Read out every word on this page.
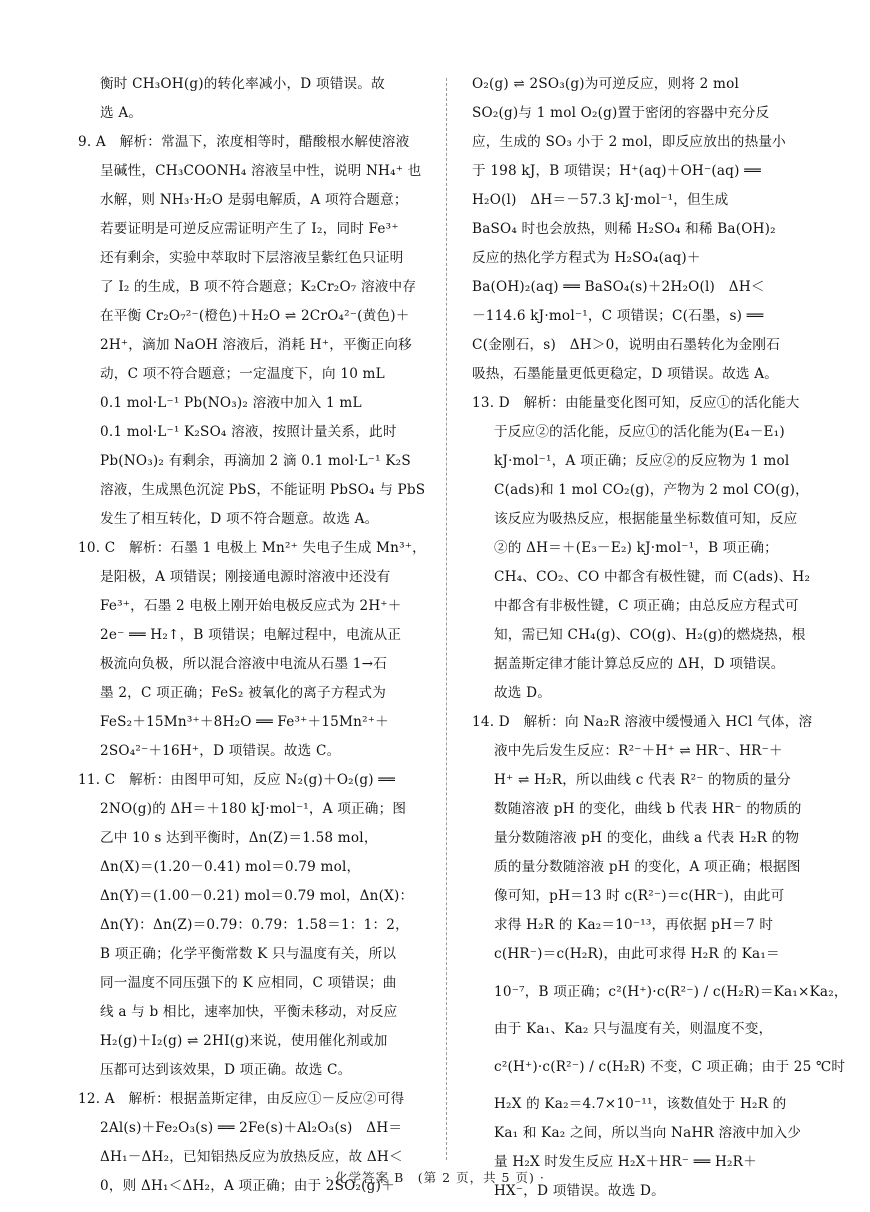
衡时 CH₃OH(g)的转化率减小，D 项错误。故
选 A。
9. A　解析：常温下，浓度相等时，醋酸根水解使溶液
呈碱性，CH₃COONH₄ 溶液呈中性，说明 NH₄⁺ 也
水解，则 NH₃·H₂O 是弱电解质，A 项符合题意；
若要证明是可逆反应需证明产生了 I₂，同时 Fe³⁺
还有剩余，实验中萃取时下层溶液呈紫红色只证明
了 I₂ 的生成，B 项不符合题意；K₂Cr₂O₇ 溶液中存
在平衡 Cr₂O₇²⁻(橙色)＋H₂O ⇌ 2CrO₄²⁻(黄色)＋
2H⁺，滴加 NaOH 溶液后，消耗 H⁺，平衡正向移
动，C 项不符合题意；一定温度下，向 10 mL
0.1 mol·L⁻¹ Pb(NO₃)₂ 溶液中加入 1 mL
0.1 mol·L⁻¹ K₂SO₄ 溶液，按照计量关系，此时
Pb(NO₃)₂ 有剩余，再滴加 2 滴 0.1 mol·L⁻¹ K₂S
溶液，生成黑色沉淀 PbS，不能证明 PbSO₄ 与 PbS
发生了相互转化，D 项不符合题意。故选 A。
10. C　解析：石墨 1 电极上 Mn²⁺ 失电子生成 Mn³⁺，
是阳极，A 项错误；刚接通电源时溶液中还没有
Fe³⁺，石墨 2 电极上刚开始电极反应式为 2H⁺＋
2e⁻ ══ H₂↑，B 项错误；电解过程中，电流从正
极流向负极，所以混合溶液中电流从石墨 1→石
墨 2，C 项正确；FeS₂ 被氧化的离子方程式为
FeS₂＋15Mn³⁺＋8H₂O ══ Fe³⁺＋15Mn²⁺＋
2SO₄²⁻＋16H⁺，D 项错误。故选 C。
11. C　解析：由图甲可知，反应 N₂(g)＋O₂(g) ══
2NO(g)的 ΔH＝＋180 kJ·mol⁻¹，A 项正确；图
乙中 10 s 达到平衡时，Δn(Z)＝1.58 mol，
Δn(X)＝(1.20－0.41) mol＝0.79 mol，
Δn(Y)＝(1.00－0.21) mol＝0.79 mol，Δn(X)：
Δn(Y)：Δn(Z)＝0.79：0.79：1.58＝1：1：2，
B 项正确；化学平衡常数 K 只与温度有关，所以
同一温度不同压强下的 K 应相同，C 项错误；曲
线 a 与 b 相比，速率加快，平衡未移动，对反应
H₂(g)＋I₂(g) ⇌ 2HI(g)来说，使用催化剂或加
压都可达到该效果，D 项正确。故选 C。
12. A　解析：根据盖斯定律，由反应①－反应②可得
2Al(s)＋Fe₂O₃(s) ══ 2Fe(s)＋Al₂O₃(s)　ΔH＝
ΔH₁－ΔH₂，已知铝热反应为放热反应，故 ΔH＜
0，则 ΔH₁＜ΔH₂，A 项正确；由于 2SO₂(g)＋
O₂(g) ⇌ 2SO₃(g)为可逆反应，则将 2 mol
SO₂(g)与 1 mol O₂(g)置于密闭的容器中充分反
应，生成的 SO₃ 小于 2 mol，即反应放出的热量小
于 198 kJ，B 项错误；H⁺(aq)＋OH⁻(aq) ══
H₂O(l)　ΔH＝－57.3 kJ·mol⁻¹，但生成
BaSO₄ 时也会放热，则稀 H₂SO₄ 和稀 Ba(OH)₂
反应的热化学方程式为 H₂SO₄(aq)＋
Ba(OH)₂(aq) ══ BaSO₄(s)＋2H₂O(l)　ΔH＜
－114.6 kJ·mol⁻¹，C 项错误；C(石墨，s) ══
C(金刚石，s)　ΔH＞0，说明由石墨转化为金刚石
吸热，石墨能量更低更稳定，D 项错误。故选 A。
13. D　解析：由能量变化图可知，反应①的活化能大
于反应②的活化能，反应①的活化能为(E₄－E₁)
kJ·mol⁻¹，A 项正确；反应②的反应物为 1 mol
C(ads)和 1 mol CO₂(g)，产物为 2 mol CO(g)，
该反应为吸热反应，根据能量坐标数值可知，反应
②的 ΔH＝＋(E₃－E₂) kJ·mol⁻¹，B 项正确；
CH₄、CO₂、CO 中都含有极性键，而 C(ads)、H₂
中都含有非极性键，C 项正确；由总反应方程式可
知，需已知 CH₄(g)、CO(g)、H₂(g)的燃烧热，根
据盖斯定律才能计算总反应的 ΔH，D 项错误。
故选 D。
14. D　解析：向 Na₂R 溶液中缓慢通入 HCl 气体，溶
液中先后发生反应：R²⁻＋H⁺ ⇌ HR⁻、HR⁻＋
H⁺ ⇌ H₂R，所以曲线 c 代表 R²⁻ 的物质的量分
数随溶液 pH 的变化，曲线 b 代表 HR⁻ 的物质的
量分数随溶液 pH 的变化，曲线 a 代表 H₂R 的物
质的量分数随溶液 pH 的变化，A 项正确；根据图
像可知，pH＝13 时 c(R²⁻)＝c(HR⁻)，由此可
求得 H₂R 的 Ka₂＝10⁻¹³，再依据 pH＝7 时
c(HR⁻)＝c(H₂R)，由此可求得 H₂R 的 Ka₁＝
10⁻⁷，B 项正确；c²(H⁺)·c(R²⁻) / c(H₂R)＝Ka₁×Ka₂，
由于 Ka₁、Ka₂ 只与温度有关，则温度不变，
c²(H⁺)·c(R²⁻) / c(H₂R) 不变，C 项正确；由于 25 ℃时
H₂X 的 Ka₂＝4.7×10⁻¹¹，该数值处于 H₂R 的
Ka₁ 和 Ka₂ 之间，所以当向 NaHR 溶液中加入少
量 H₂X 时发生反应 H₂X＋HR⁻ ══ H₂R＋
HX⁻，D 项错误。故选 D。
· 化学答案 B　(第 2 页，共 5 页) ·
